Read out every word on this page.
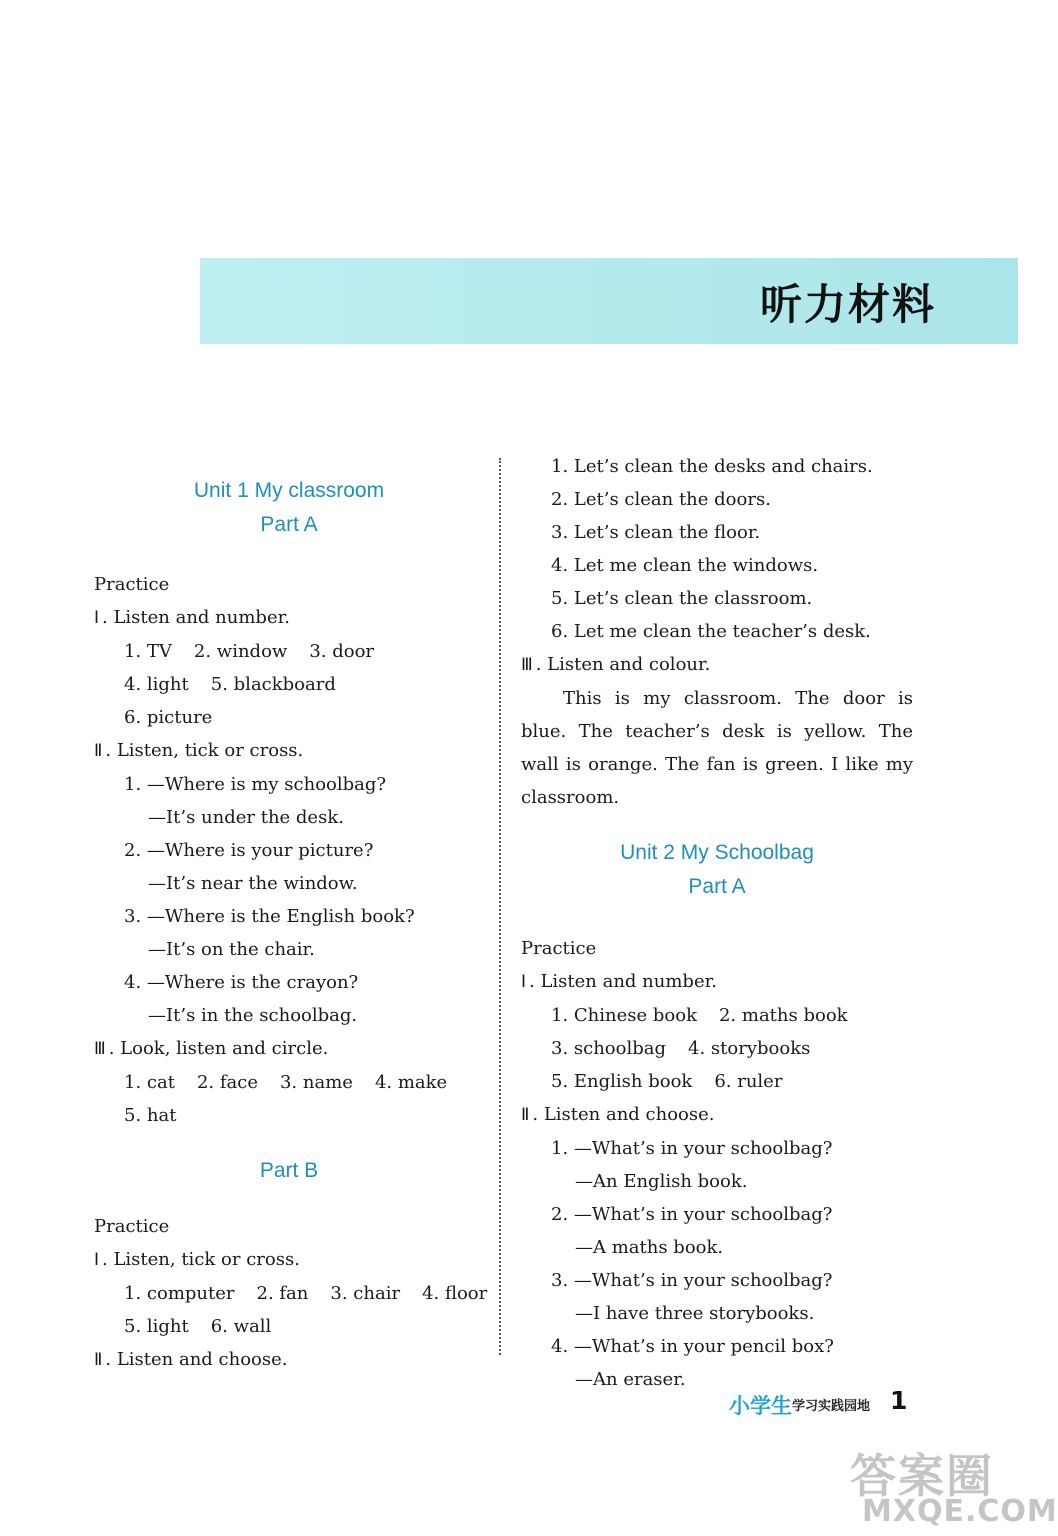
听力材料
Unit 1 My classroom
Part A
Practice
Ⅰ . Listen and number.
1. TV 2. window 3. door
4. light 5. blackboard
6. picture
Ⅱ . Listen, tick or cross.
1. —Where is my schoolbag?
—It’s under the desk.
2. —Where is your picture?
—It’s near the window.
3. —Where is the English book?
—It’s on the chair.
4. —Where is the crayon?
—It’s in the schoolbag.
Ⅲ . Look, listen and circle.
1. cat 2. face 3. name 4. make
5. hat
Part B
Practice
Ⅰ . Listen, tick or cross.
1. computer 2. fan 3. chair 4. floor
5. light 6. wall
Ⅱ . Listen and choose.
1. Let’s clean the desks and chairs.
2. Let’s clean the doors.
3. Let’s clean the floor.
4. Let me clean the windows.
5. Let’s clean the classroom.
6. Let me clean the teacher’s desk.
Ⅲ . Listen and colour.
This is my classroom. The door is blue. The teacher’s desk is yellow. The wall is orange. The fan is green. I like my classroom.
Unit 2 My Schoolbag
Part A
Practice
Ⅰ . Listen and number.
1. Chinese book 2. maths book
3. schoolbag 4. storybooks
5. English book 6. ruler
Ⅱ . Listen and choose.
1. —What’s in your schoolbag?
—An English book.
2. —What’s in your schoolbag?
—A maths book.
3. —What’s in your schoolbag?
—I have three storybooks.
4. —What’s in your pencil box?
—An eraser.
小学生 学习实践园地 1
答案圈
MXQE.COM
